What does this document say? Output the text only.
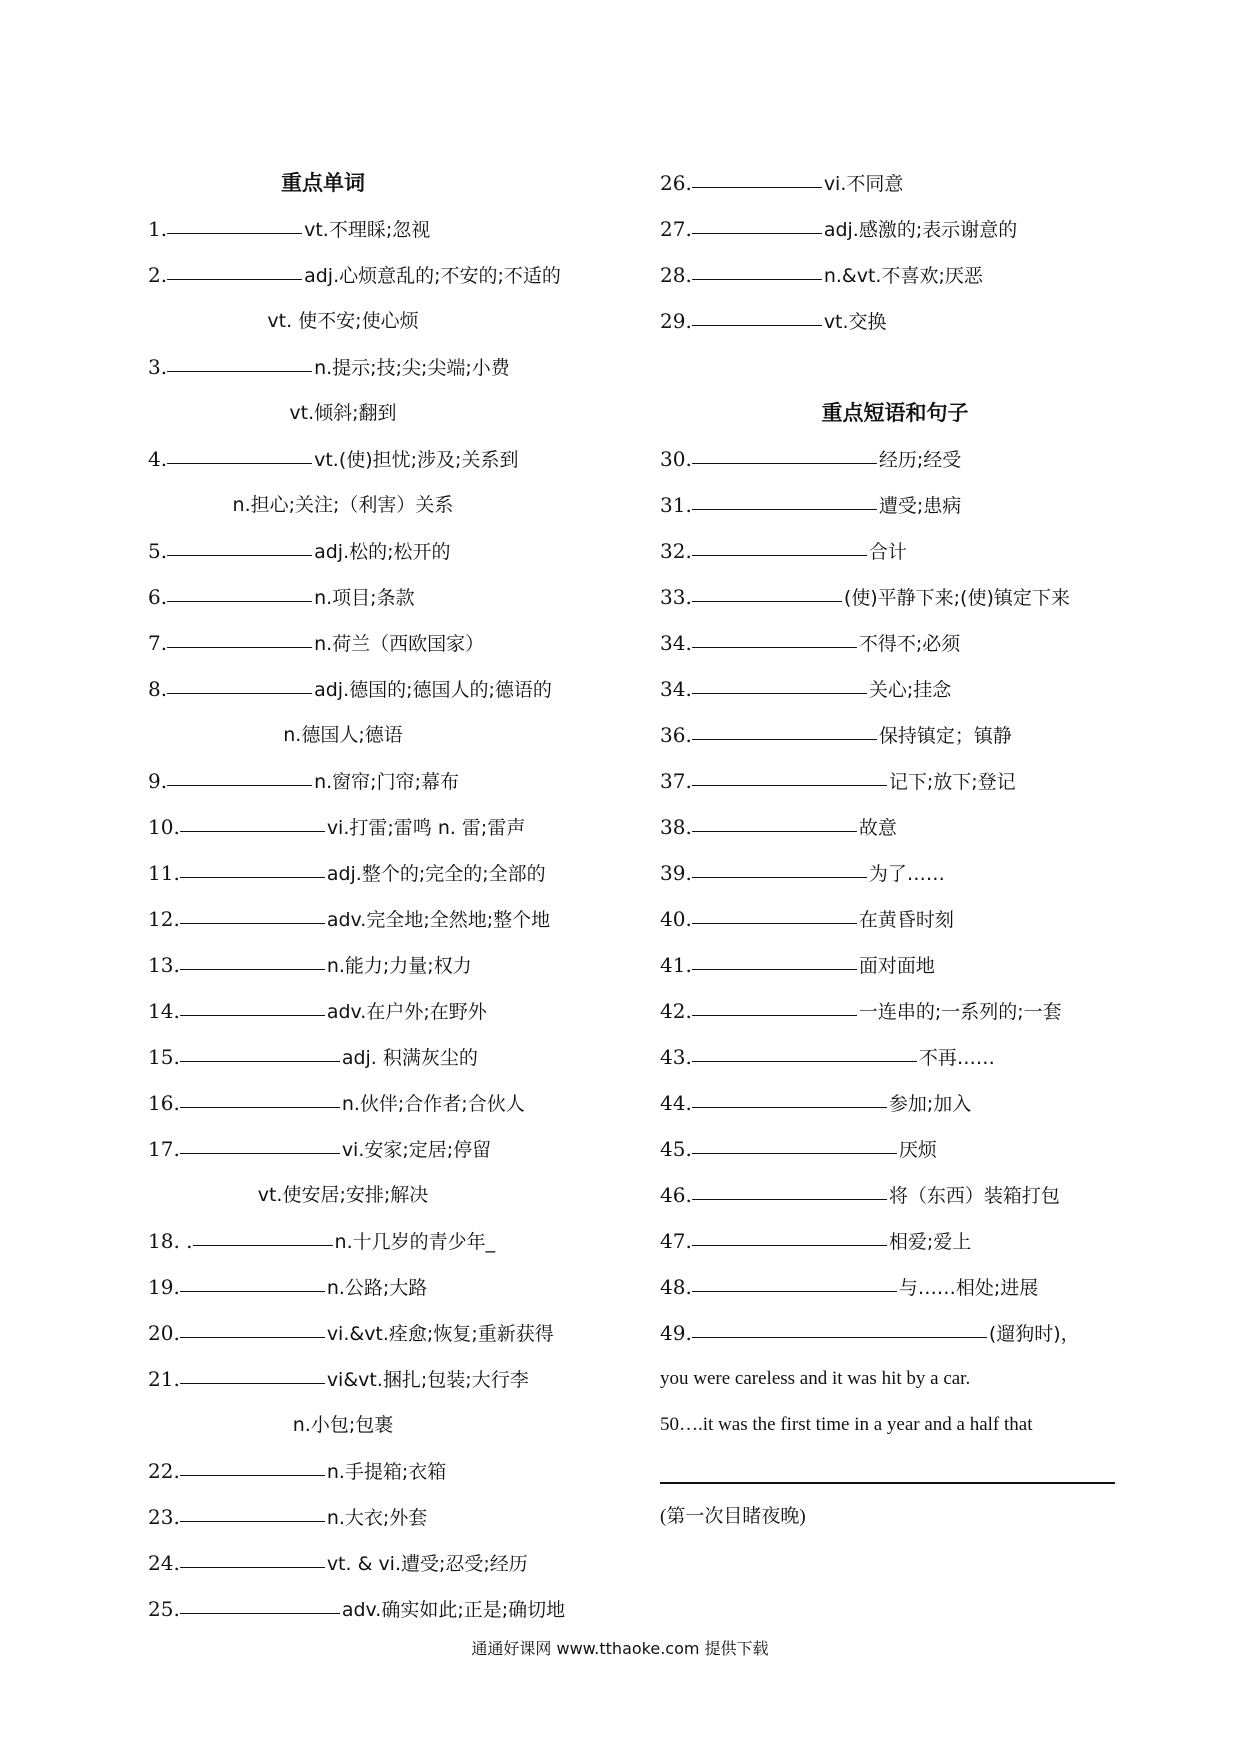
重点单词
1.	vt.不理睬;忽视
2.	adj.心烦意乱的;不安的;不适的
vt. 使不安;使心烦
3.	n.提示;技;尖;尖端;小费
vt.倾斜;翻到
4.	vt.(使)担忧;涉及;关系到
n.担心;关注;（利害）关系
5.	adj.松的;松开的
6.	n.项目;条款
7.	n.荷兰（西欧国家）
8.	adj.德国的;德国人的;德语的
n.德国人;德语
9.	n.窗帘;门帘;幕布
10.	vi.打雷;雷鸣 n. 雷;雷声
11.	adj.整个的;完全的;全部的
12.	adv.完全地;全然地;整个地
13.	n.能力;力量;权力
14.	adv.在户外;在野外
15.	adj. 积满灰尘的
16.	n.伙伴;合作者;合伙人
17.	vi.安家;定居;停留
vt.使安居;安排;解决
18. .	n.十几岁的青少年_
19.	n.公路;大路
20.	vi.&vt.痊愈;恢复;重新获得
21.	vi&vt.捆扎;包装;大行李
n.小包;包裹
22.	n.手提箱;衣箱
23.	n.大衣;外套
24.	vt. & vi.遭受;忍受;经历
25.	adv.确实如此;正是;确切地
26.	vi.不同意
27.	adj.感激的;表示谢意的
28.	n.&vt.不喜欢;厌恶
29.	vt.交换
重点短语和句子
30.	经历;经受
31.	遭受;患病
32.	合计
33.	(使)平静下来;(使)镇定下来
34.	不得不;必须
34.	关心;挂念
36.	保持镇定；镇静
37.	记下;放下;登记
38.	故意
39.	为了……
40.	在黄昏时刻
41.	面对面地
42.	一连串的;一系列的;一套
43.	不再……
44.	参加;加入
45.	厌烦
46.	将（东西）装箱打包
47.	相爱;爱上
48.	与……相处;进展
49.	(遛狗时)，
you were careless and it was hit by a car.
50….it was the first time in a year and a half that
(第一次目睹夜晚)
通通好课网 www.tthaoke.com 提供下载
